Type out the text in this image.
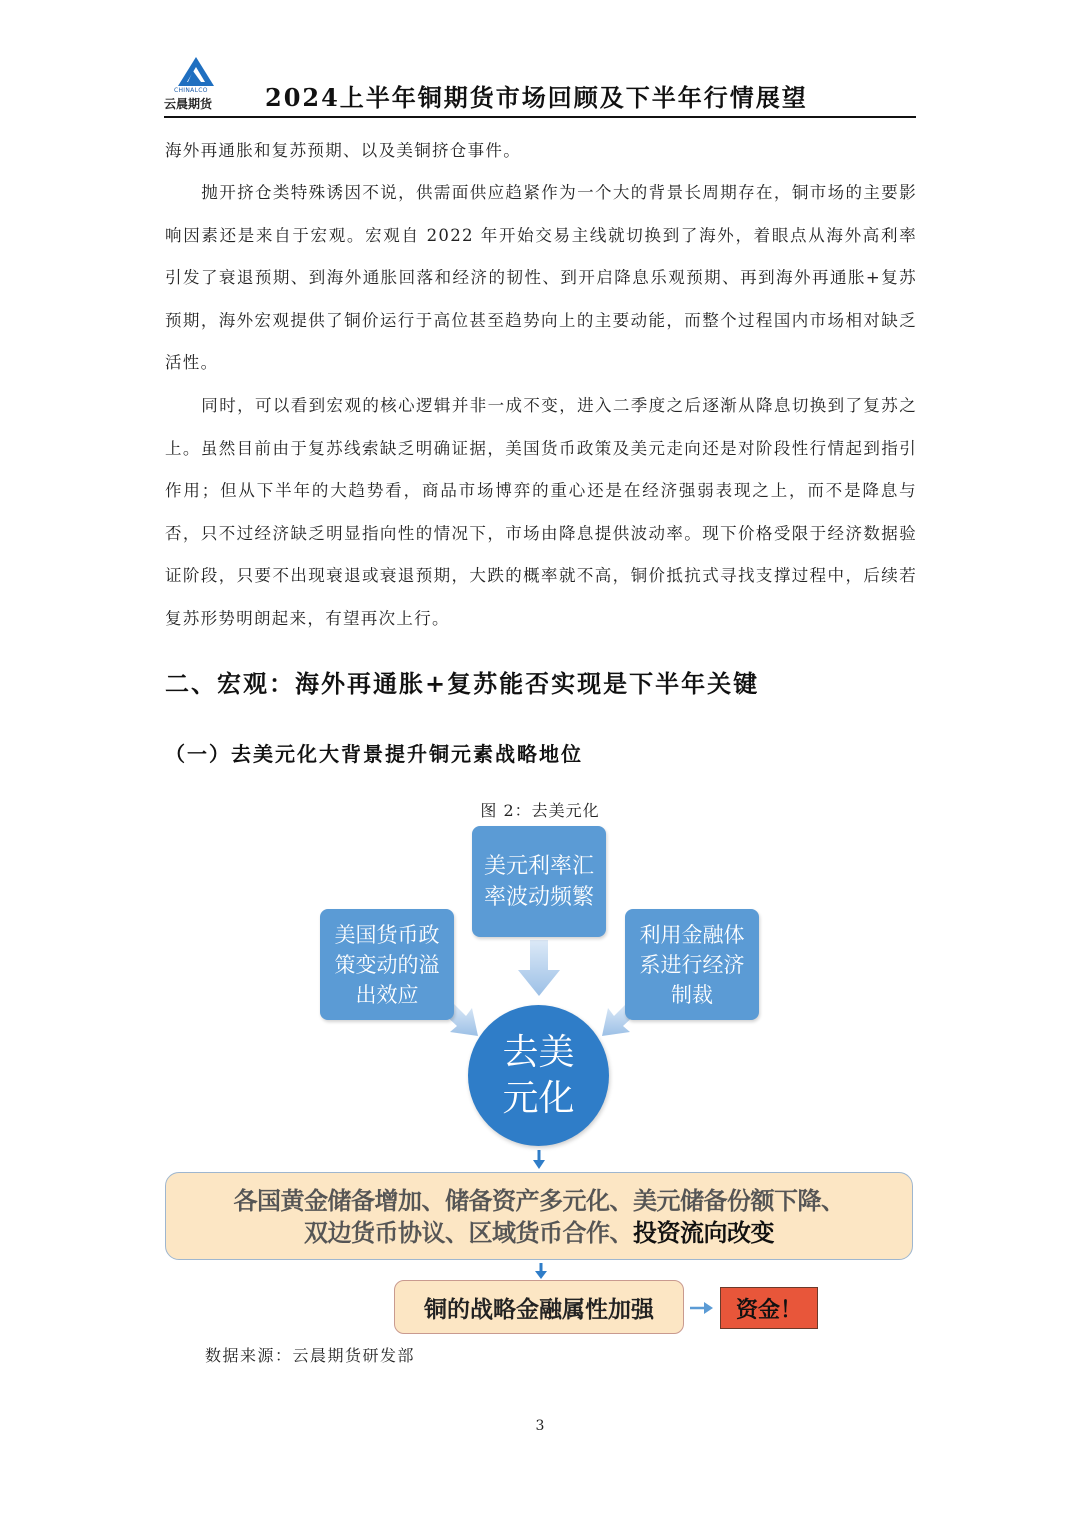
CHINALCO
云晨期货 2024上半年铜期货市场回顾及下半年行情展望

海外再通胀和复苏预期、以及美铜挤仓事件。

抛开挤仓类特殊诱因不说，供需面供应趋紧作为一个大的背景长周期存在，铜市场的主要影响因素还是来自于宏观。宏观自 2022 年开始交易主线就切换到了海外，着眼点从海外高利率引发了衰退预期、到海外通胀回落和经济的韧性、到开启降息乐观预期、再到海外再通胀+复苏预期，海外宏观提供了铜价运行于高位甚至趋势向上的主要动能，而整个过程国内市场相对缺乏活性。

同时，可以看到宏观的核心逻辑并非一成不变，进入二季度之后逐渐从降息切换到了复苏之上。虽然目前由于复苏线索缺乏明确证据，美国货币政策及美元走向还是对阶段性行情起到指引作用；但从下半年的大趋势看，商品市场博弈的重心还是在经济强弱表现之上，而不是降息与否，只不过经济缺乏明显指向性的情况下，市场由降息提供波动率。现下价格受限于经济数据验证阶段，只要不出现衰退或衰退预期，大跌的概率就不高，铜价抵抗式寻找支撑过程中，后续若复苏形势明朗起来，有望再次上行。

二、宏观：海外再通胀+复苏能否实现是下半年关键
（一）去美元化大背景提升铜元素战略地位
图 2：去美元化
美元利率汇
率波动频繁
美国货币政
策变动的溢
出效应
利用金融体
系进行经济
制裁
去美
元化
各国黄金储备增加、储备资产多元化、美元储备份额下降、
双边货币协议、区域货币合作、投资流向改变
铜的战略金融属性加强	资金！
数据来源：云晨期货研发部
3
